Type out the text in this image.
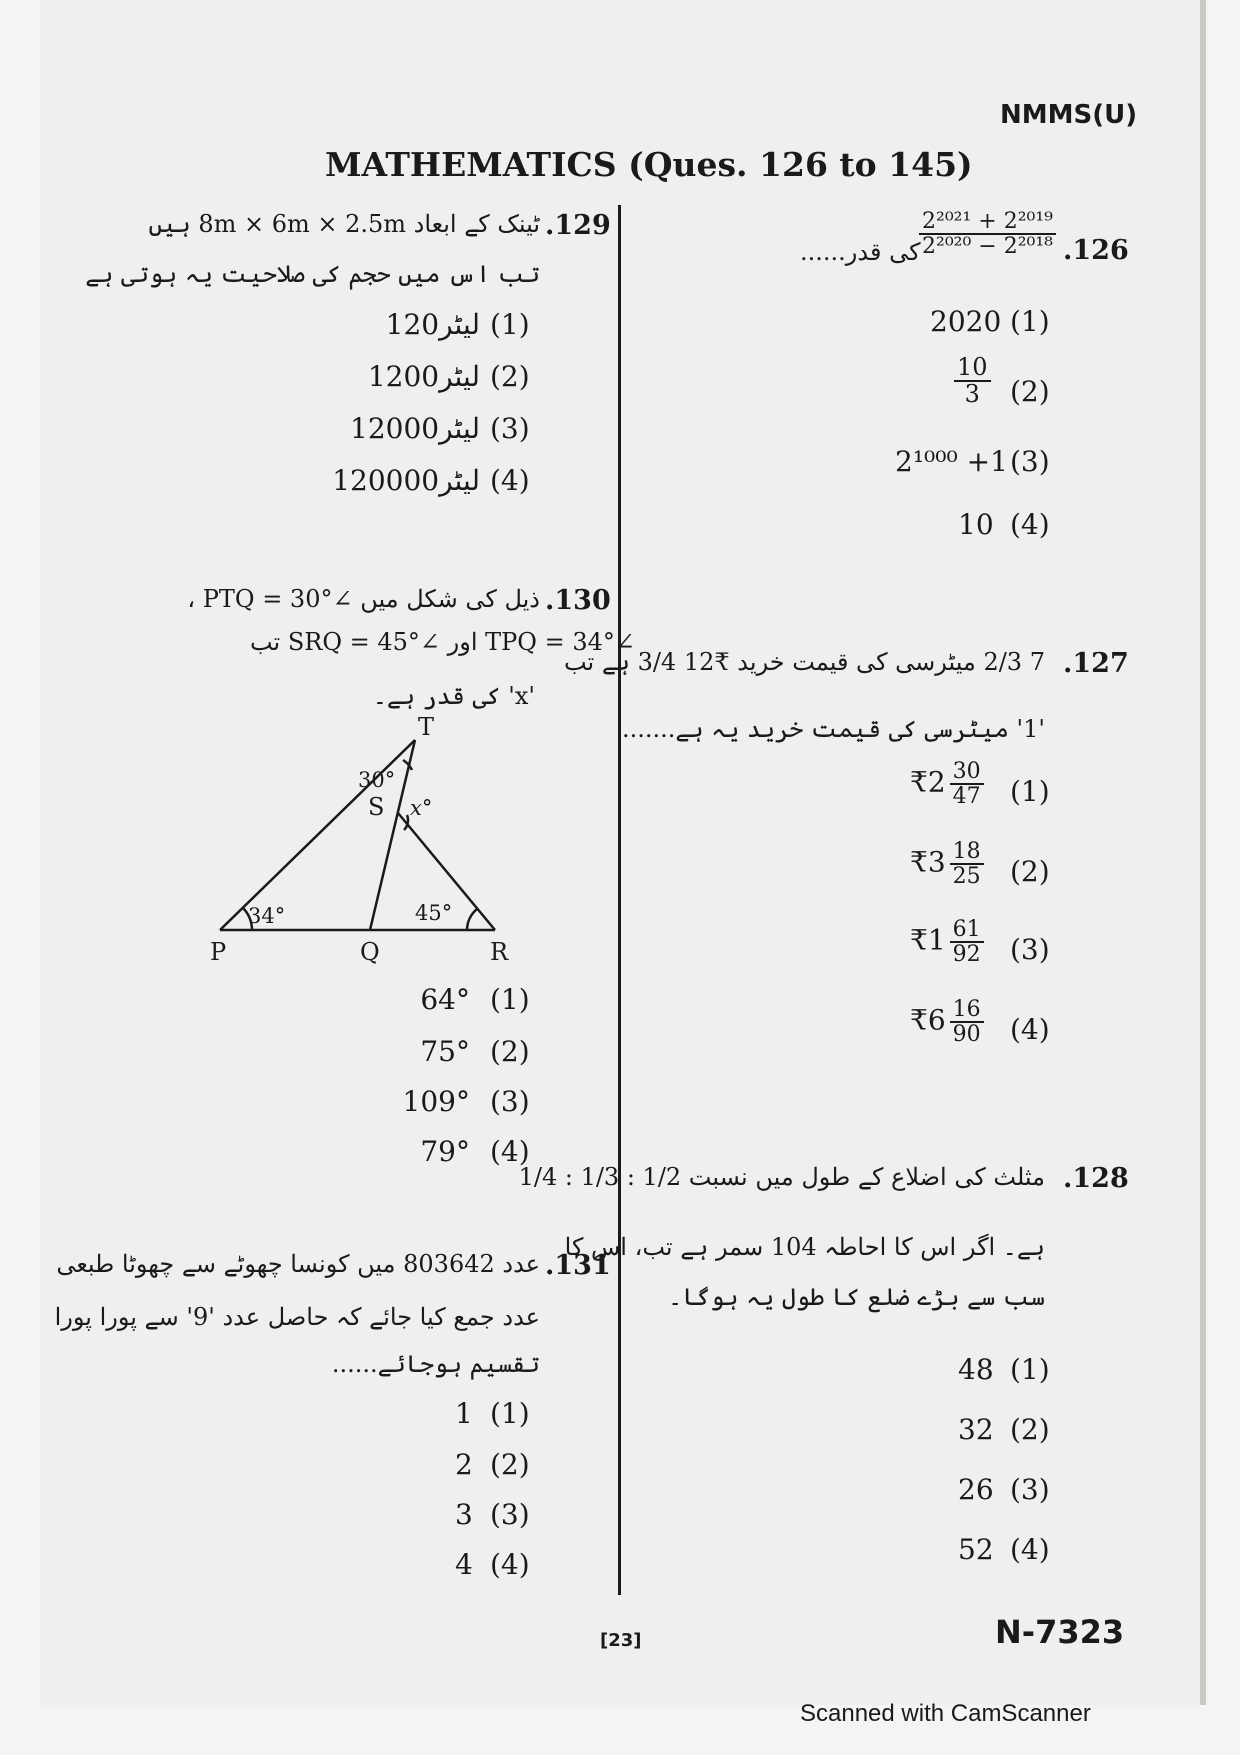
NMMS(U)
MATHEMATICS (Ques. 126 to 145)
.126
$\frac{\text{2²⁰²¹ + 2²⁰¹⁹}}{\text{2²⁰²⁰ − 2²⁰¹⁸}}$
کی قدر......
2020 (1)
$\frac{10}{3} (2)$
2¹⁰⁰⁰ +1 (3)
10 (4)
.127
7 2/3 میٹرسی کی قیمت خرید ₹12 3/4 ہے تب
'1' میٹرسی کی قیمت خرید یہ ہے.......
₹2 $\frac{30}{47} (1)$
₹3 $\frac{18}{25} (2)$
₹1 $\frac{61}{92} (3)$
₹6 $\frac{16}{90} (4)$
.128
مثلث کی اضلاع کے طول میں نسبت 1/2 : 1/3 : 1/4
ہے۔ اگر اس کا احاطہ 104 سمر ہے تب، اس کا
سب سے بڑے ضلع کا طول یہ ہوگا۔
48 (1)
32 (2)
26 (3)
52 (4)
.129
ٹینک کے ابعاد 8m × 6m × 2.5m ہیں
تب اس میں حجم کی صلاحیت یہ ہوتی ہے
120لیٹر (1)
1200لیٹر (2)
12000لیٹر (3)
120000لیٹر (4)
.130
ذیل کی شکل میں ∠PTQ = 30° ،
∠TPQ = 34° اور ∠SRQ = 45° تب
'x' کی قدر ہے۔
T
S
P	Q	R
30°
x°
34°	45°
64° (1)
75° (2)
109° (3)
79° (4)
.131
عدد 803642 میں کونسا چھوٹے سے چھوٹا طبعی
عدد جمع کیا جائے کہ حاصل عدد '9' سے پورا پورا
تقسیم ہوجائے......
1 (1)
2 (2)
3 (3)
4 (4)
[23]	N-7323
Scanned with CamScanner
